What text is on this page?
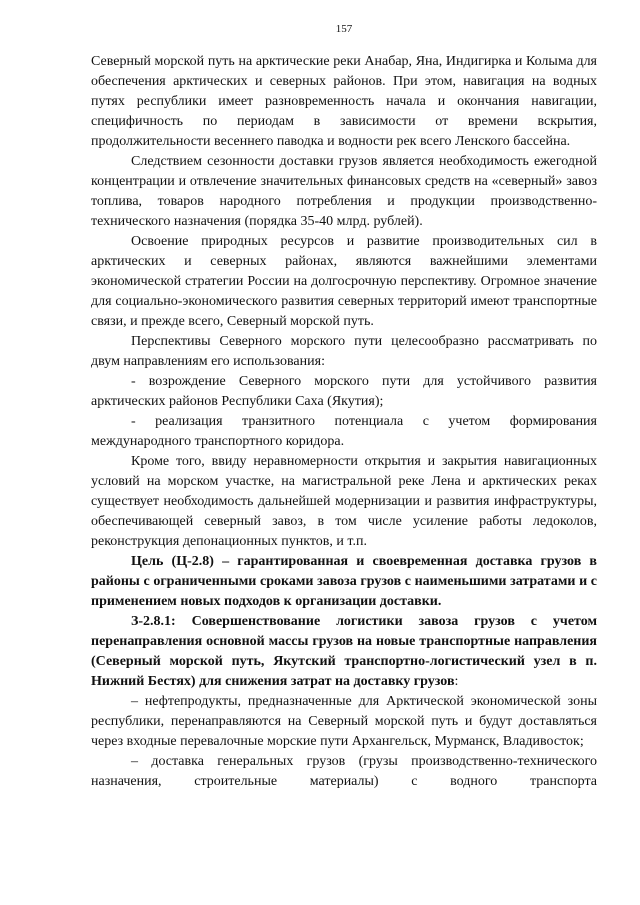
157

Северный морской путь на арктические реки Анабар, Яна, Индигирка и Колыма для обеспечения арктических и северных районов. При этом, навигация на водных путях республики имеет разновременность начала и окончания навигации, специфичность по периодам в зависимости от времени вскрытия, продолжительности весеннего паводка и водности рек всего Ленского бассейна.

Следствием сезонности доставки грузов является необходимость ежегодной концентрации и отвлечение значительных финансовых средств на «северный» завоз топлива, товаров народного потребления и продукции производственно-технического назначения (порядка 35-40 млрд. рублей).

Освоение природных ресурсов и развитие производительных сил в арктических и северных районах, являются важнейшими элементами экономической стратегии России на долгосрочную перспективу. Огромное значение для социально-экономического развития северных территорий имеют транспортные связи, и прежде всего, Северный морской путь.

Перспективы Северного морского пути целесообразно рассматривать по двум направлениям его использования:

- возрождение Северного морского пути для устойчивого развития арктических районов Республики Саха (Якутия);

- реализация транзитного потенциала с учетом формирования международного транспортного коридора.

Кроме того, ввиду неравномерности открытия и закрытия навигационных условий на морском участке, на магистральной реке Лена и арктических реках существует необходимость дальнейшей модернизации и развития инфраструктуры, обеспечивающей северный завоз, в том числе усиление работы ледоколов, реконструкция депонационных пунктов, и т.п.

Цель (Ц-2.8) – гарантированная и своевременная доставка грузов в районы с ограниченными сроками завоза грузов с наименьшими затратами и с применением новых подходов к организации доставки.

З-2.8.1: Совершенствование логистики завоза грузов с учетом перенаправления основной массы грузов на новые транспортные направления (Северный морской путь, Якутский транспортно-логистический узел в п. Нижний Бестях) для снижения затрат на доставку грузов:

– нефтепродукты, предназначенные для Арктической экономической зоны республики, перенаправляются на Северный морской путь и будут доставляться через входные перевалочные морские пути Архангельск, Мурманск, Владивосток;

– доставка генеральных грузов (грузы производственно-технического назначения, строительные материалы) с водного транспорта
